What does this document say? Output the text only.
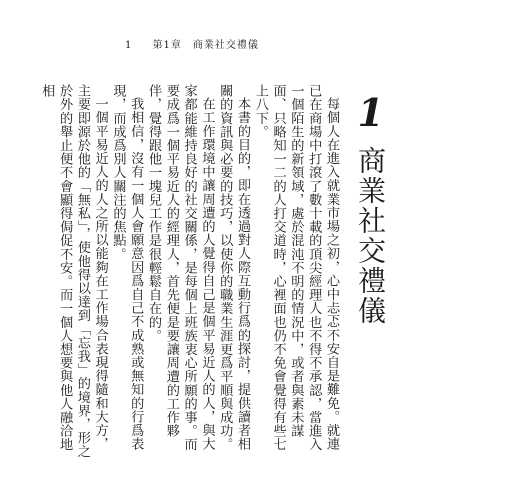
1 第1章　商業社交禮儀
1
商業社交禮儀

每個人在進入就業市場之初，心中忐忑不安自是難免。就連已在商場中打滾了數十載的頂尖經理人也不得不承認，當進入一個陌生的新領域，處於混沌不明的情況中，或者與素未謀面、只略知一二的人打交道時，心裡面也仍不免會覺得有些七上八下。

本書的目的，即在透過對人際互動行爲的探討，提供讀者相關的資訊與必要的技巧，以使你的職業生涯更爲平順與成功。

在工作環境中讓周遭的人覺得自己是個平易近人的人，與大家都能維持良好的社交關係，是每個上班族衷心所願的事。而要成爲一個平易近人的經理人，首先便是要讓周遭的工作夥伴，覺得跟他一塊兒工作是很輕鬆自在的。

我相信，沒有一個人會願意因爲自己不成熟或無知的行爲表現，而成爲別人關注的焦點。

一個平易近人的人之所以能夠在工作場合表現得隨和大方，主要即源於他的「無私」，使他得以達到「忘我」的境界，形之於外的舉止便不會顯得侷促不安。而一個人想要與他人融洽地相
